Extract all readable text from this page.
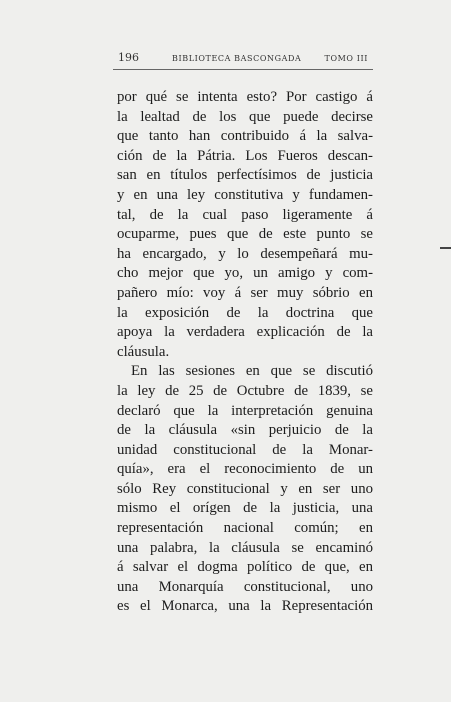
196	BIBLIOTECA BASCONGADA	TOMO III
por qué se intenta esto? Por castigo á
la lealtad de los que puede decirse
que tanto han contribuido á la salva-
ción de la Pátria. Los Fueros descan-
san en títulos perfectísimos de justicia
y en una ley constitutiva y fundamen-
tal, de la cual paso ligeramente á
ocuparme, pues que de este punto se
ha encargado, y lo desempeñará mu-
cho mejor que yo, un amigo y com-
pañero mío: voy á ser muy sóbrio en
la exposición de la doctrina que
apoya la verdadera explicación de la
cláusula.
En las sesiones en que se discutió
la ley de 25 de Octubre de 1839, se
declaró que la interpretación genuina
de la cláusula «sin perjuicio de la
unidad constitucional de la Monar-
quía», era el reconocimiento de un
sólo Rey constitucional y en ser uno
mismo el orígen de la justicia, una
representación nacional común; en
una palabra, la cláusula se encaminó
á salvar el dogma político de que, en
una Monarquía constitucional, uno
es el Monarca, una la Representación
